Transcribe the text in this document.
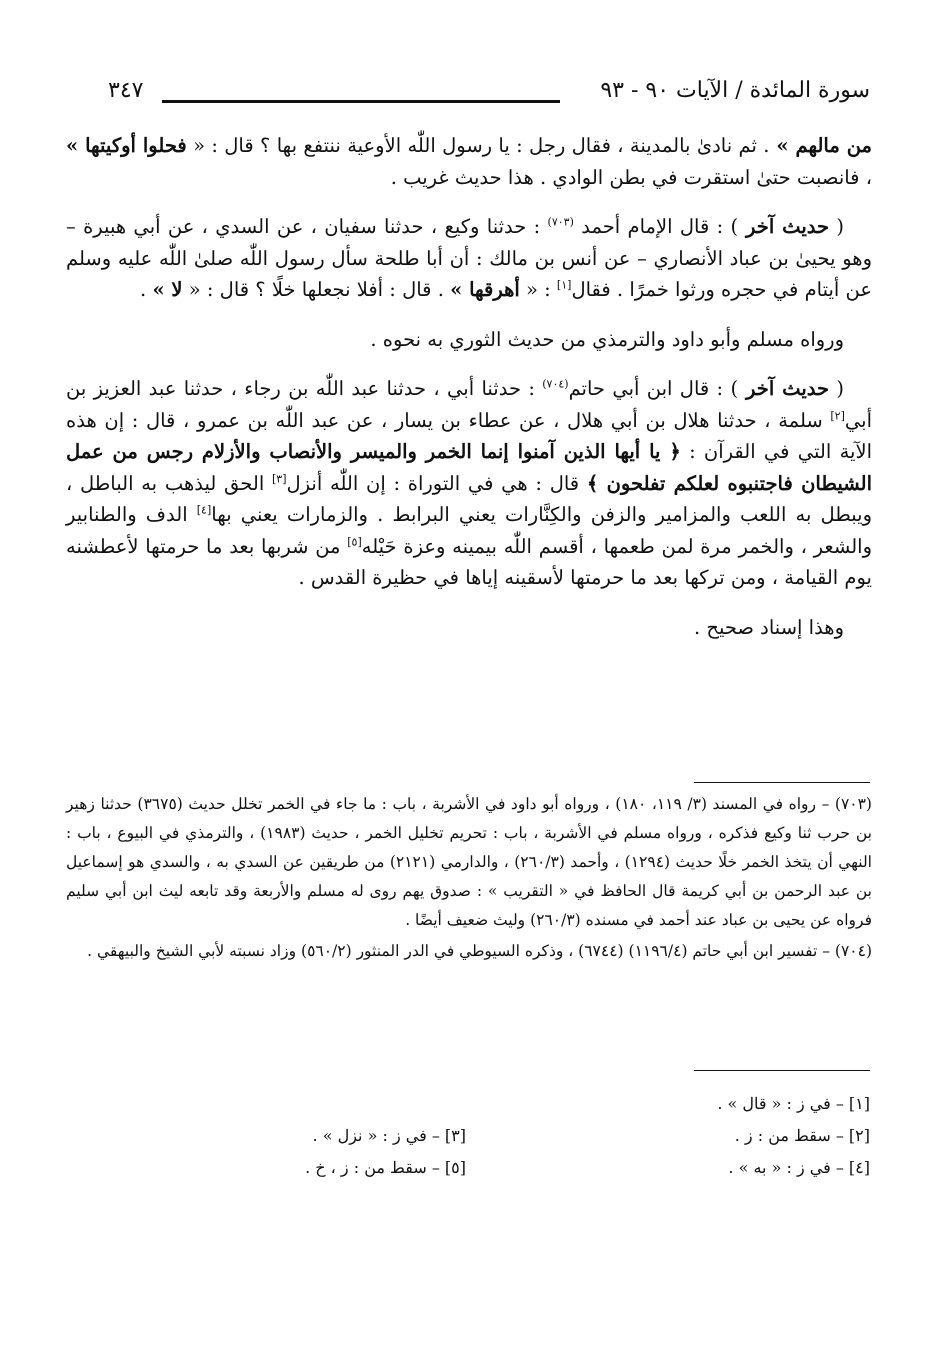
سورة المائدة / الآيات ٩٠ - ٩٣
٣٤٧

من مالهم » . ثم نادىٰ بالمدينة ، فقال رجل : يا رسول اللّٰه الأوعية ننتفع بها ؟ قال : « فحلوا أوكيتها » ، فانصبت حتىٰ استقرت في بطن الوادي . هذا حديث غريب .

( حديث آخر ) : قال الإمام أحمد $^{(٧٠٣)}$ : حدثنا وكيع ، حدثنا سفيان ، عن السدي ، عن أبي هبيرة – وهو يحيىٰ بن عباد الأنصاري – عن أنس بن مالك : أن أبا طلحة سأل رسول اللّٰه صلىٰ اللّٰه عليه وسلم عن أيتام في حجره ورثوا خمرًا . فقال[١] : « أهرقها » . قال : أفلا نجعلها خلًا ؟ قال : « لا » .

ورواه مسلم وأبو داود والترمذي من حديث الثوري به نحوه .

( حديث آخر ) : قال ابن أبي حاتم$^{(٧٠٤)}$ : حدثنا أبي ، حدثنا عبد اللّٰه بن رجاء ، حدثنا عبد العزيز بن أبي[٢] سلمة ، حدثنا هلال بن أبي هلال ، عن عطاء بن يسار ، عن عبد اللّٰه بن عمرو ، قال : إن هذه الآية التي في القرآن : ﴿ يا أيها الذين آمنوا إنما الخمر والميسر والأنصاب والأزلام رجس من عمل الشيطان فاجتنبوه لعلكم تفلحون ﴾ قال : هي في التوراة : إن اللّٰه أنزل[٣] الحق ليذهب به الباطل ، ويبطل به اللعب والمزامير والزفن والكِنَّارات يعني البرابط . والزمارات يعني بها[٤] الدف والطنابير والشعر ، والخمر مرة لمن طعمها ، أقسم اللّٰه بيمينه وعزة حَيْله[٥] من شربها بعد ما حرمتها لأعطشنه يوم القيامة ، ومن تركها بعد ما حرمتها لأسقينه إياها في حظيرة القدس .

وهذا إسناد صحيح .

(٧٠٣) – رواه في المسند (٣/ ١١٩، ١٨٠) ، ورواه أبو داود في الأشربة ، باب : ما جاء في الخمر تخلل حديث (٣٦٧٥) حدثنا زهير بن حرب ثنا وكيع فذكره ، ورواه مسلم في الأشربة ، باب : تحريم تخليل الخمر ، حديث (١٩٨٣) ، والترمذي في البيوع ، باب : النهي أن يتخذ الخمر خلًا حديث (١٢٩٤) ، وأحمد (٢٦٠/٣) ، والدارمي (٢١٢١) من طريقين عن السدي به ، والسدي هو إسماعيل بن عبد الرحمن بن أبي كريمة قال الحافظ في « التقريب » : صدوق يهم روى له مسلم والأربعة وقد تابعه ليث ابن أبي سليم فرواه عن يحيى بن عباد عند أحمد في مسنده (٢٦٠/٣) وليث ضعيف أيضًا .

(٧٠٤) – تفسير ابن أبي حاتم (١١٩٦/٤) (٦٧٤٤) ، وذكره السيوطي في الدر المنثور (٥٦٠/٢) وزاد نسبته لأبي الشيخ والبيهقي .

[١] – في ز : « قال » .
[٢] – سقط من : ز .
[٤] – في ز : « به » .
[٣] – في ز : « نزل » .
[٥] – سقط من : ز ، خ .
